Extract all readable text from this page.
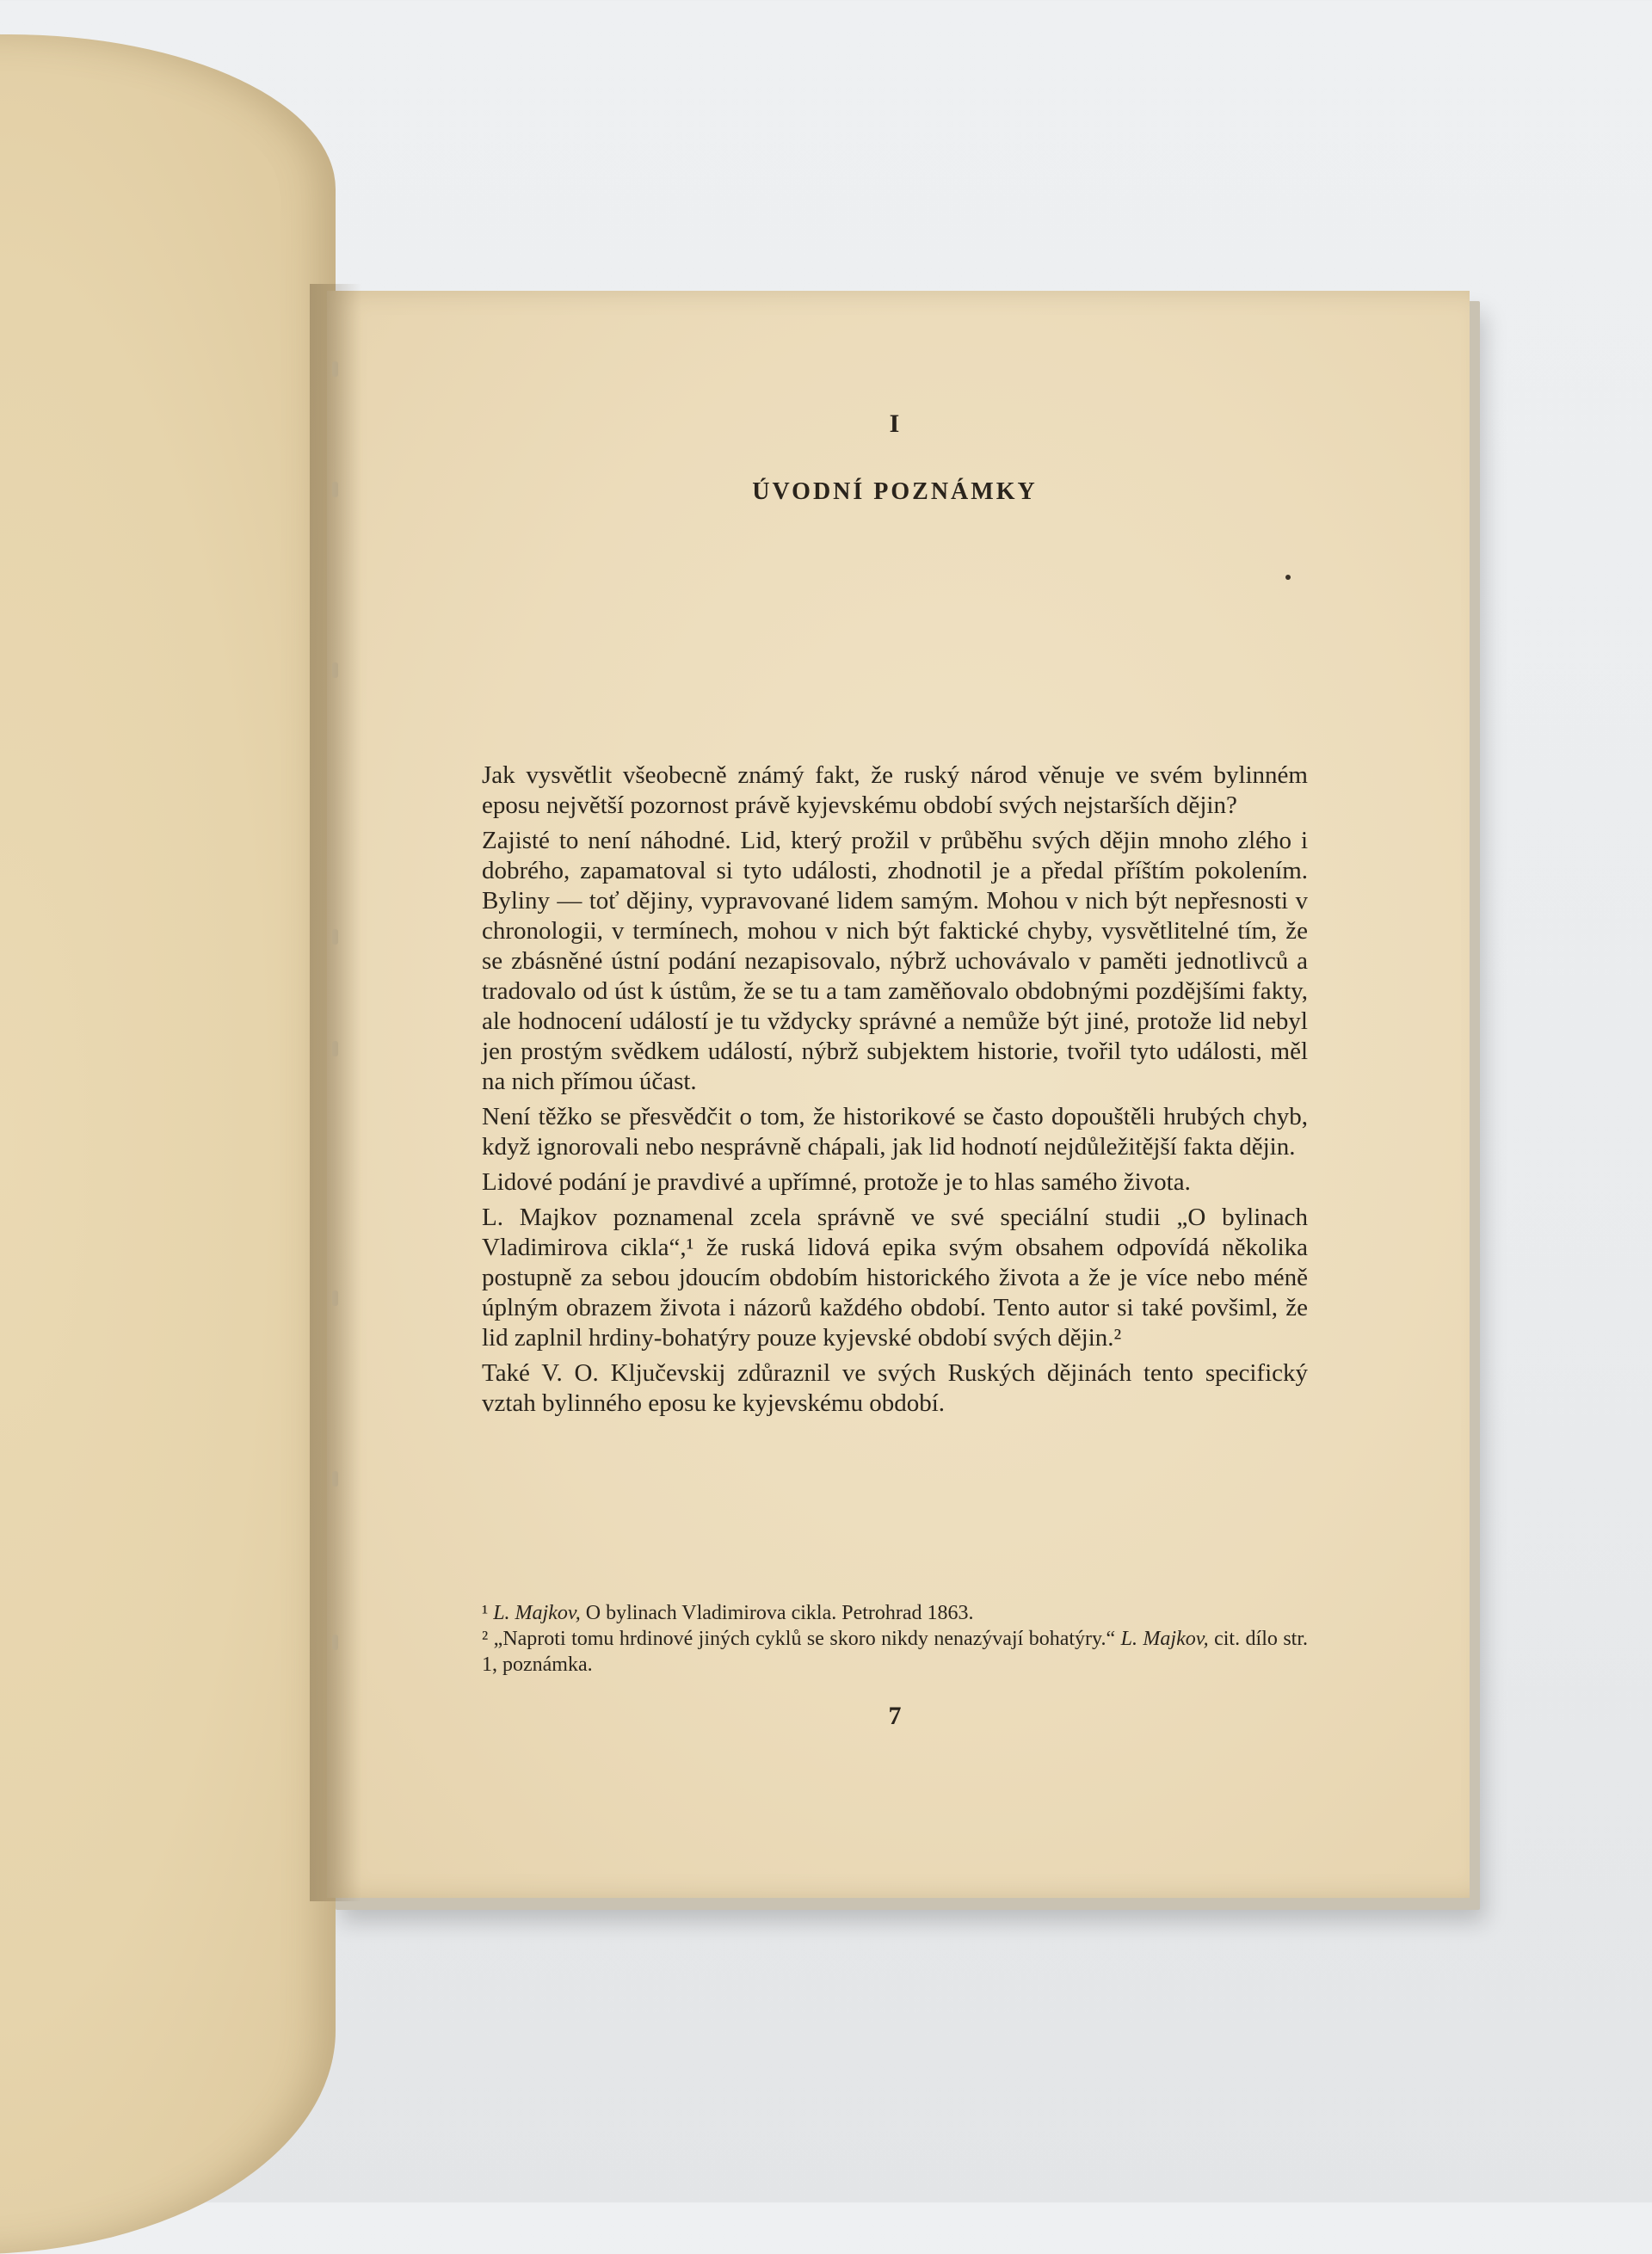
I
ÚVODNÍ POZNÁMKY

Jak vysvětlit všeobecně známý fakt, že ruský národ věnuje ve svém bylinném eposu největší pozornost právě kyjevskému období svých nejstarších dějin?

Zajisté to není náhodné. Lid, který prožil v průběhu svých dějin mnoho zlého i dobrého, zapamatoval si tyto události, zhodnotil je a předal příštím pokolením. Byliny — toť dějiny, vypravované lidem samým. Mohou v nich být nepřesnosti v chronologii, v termínech, mohou v nich být faktické chyby, vysvětlitelné tím, že se zbásněné ústní podání nezapisovalo, nýbrž uchovávalo v paměti jednotlivců a tradovalo od úst k ústům, že se tu a tam zaměňovalo obdobnými pozdějšími fakty, ale hodnocení událostí je tu vždycky správné a nemůže být jiné, protože lid nebyl jen prostým svědkem událostí, nýbrž subjektem historie, tvořil tyto události, měl na nich přímou účast.

Není těžko se přesvědčit o tom, že historikové se často dopouštěli hrubých chyb, když ignorovali nebo nesprávně chápali, jak lid hodnotí nejdůležitější fakta dějin.

Lidové podání je pravdivé a upřímné, protože je to hlas samého života.

L. Majkov poznamenal zcela správně ve své speciální studii „O bylinach Vladimirova cikla“,¹ že ruská lidová epika svým obsahem odpovídá několika postupně za sebou jdoucím obdobím historického života a že je více nebo méně úplným obrazem života i názorů každého období. Tento autor si také povšiml, že lid zaplnil hrdiny-bohatýry pouze kyjevské období svých dějin.²

Také V. O. Ključevskij zdůraznil ve svých Ruských dějinách tento specifický vztah bylinného eposu ke kyjevskému období.

¹ L. Majkov, O bylinach Vladimirova cikla. Petrohrad 1863.

² „Naproti tomu hrdinové jiných cyklů se skoro nikdy nenazývají bohatýry.“ L. Majkov, cit. dílo str. 1, poznámka.

7
